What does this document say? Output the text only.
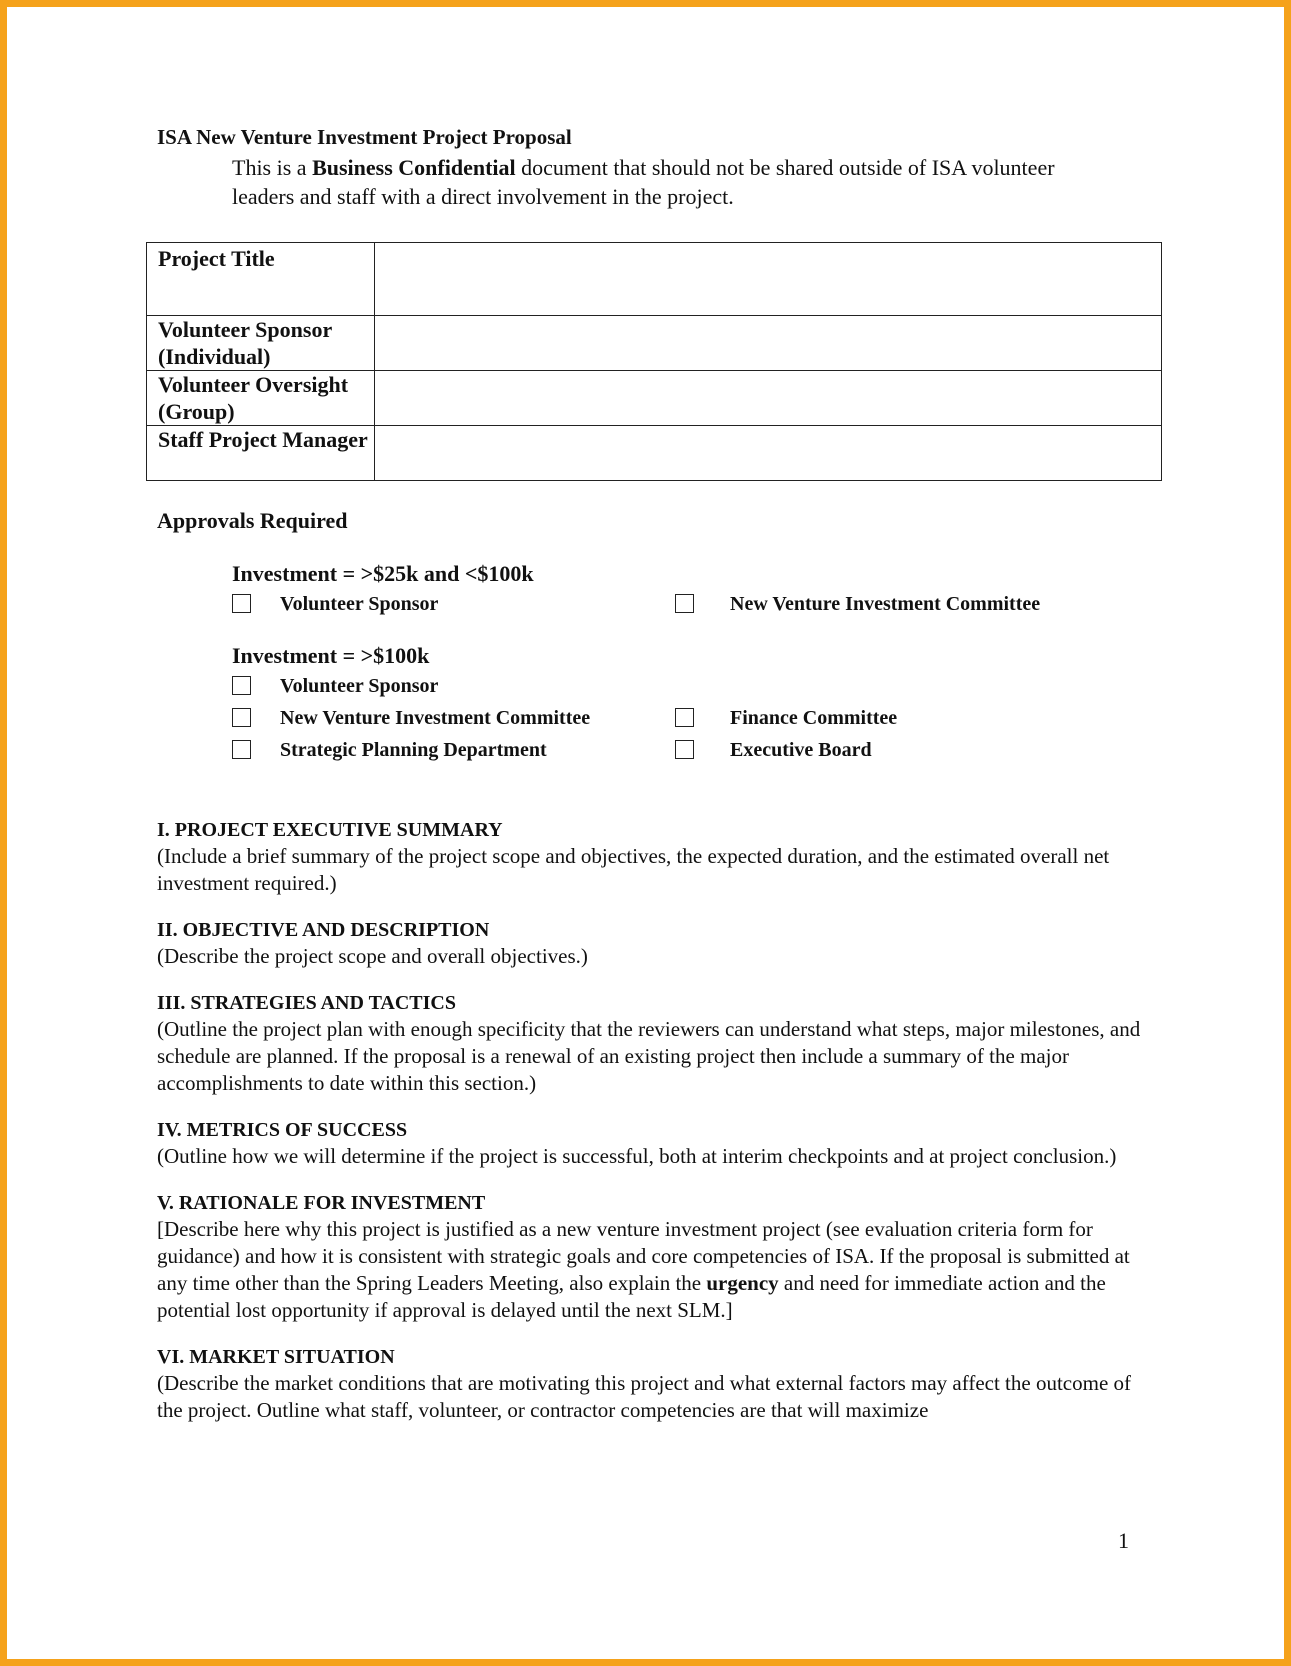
ISA New Venture Investment Project Proposal

This is a Business Confidential document that should not be shared outside of ISA volunteer leaders and staff with a direct involvement in the project.
Project Title	
Volunteer Sponsor (Individual)	
Volunteer Oversight (Group)	
Staff Project Manager	

Approvals Required

Investment = >$25k and <$100k
Volunteer Sponsor	New Venture Investment Committee
Investment = >$100k
Volunteer Sponsor
New Venture Investment Committee	Finance Committee
Strategic Planning Department	Executive Board

I. PROJECT EXECUTIVE SUMMARY

(Include a brief summary of the project scope and objectives, the expected duration, and the estimated overall net investment required.)

II. OBJECTIVE AND DESCRIPTION

(Describe the project scope and overall objectives.)

III. STRATEGIES AND TACTICS

(Outline the project plan with enough specificity that the reviewers can understand what steps, major milestones, and schedule are planned. If the proposal is a renewal of an existing project then include a summary of the major accomplishments to date within this section.)

IV. METRICS OF SUCCESS

(Outline how we will determine if the project is successful, both at interim checkpoints and at project conclusion.)

V. RATIONALE FOR INVESTMENT

[Describe here why this project is justified as a new venture investment project (see evaluation criteria form for guidance) and how it is consistent with strategic goals and core competencies of ISA. If the proposal is submitted at any time other than the Spring Leaders Meeting, also explain the urgency and need for immediate action and the potential lost opportunity if approval is delayed until the next SLM.]

VI. MARKET SITUATION

(Describe the market conditions that are motivating this project and what external factors may affect the outcome of the project. Outline what staff, volunteer, or contractor competencies are that will maximize

1
